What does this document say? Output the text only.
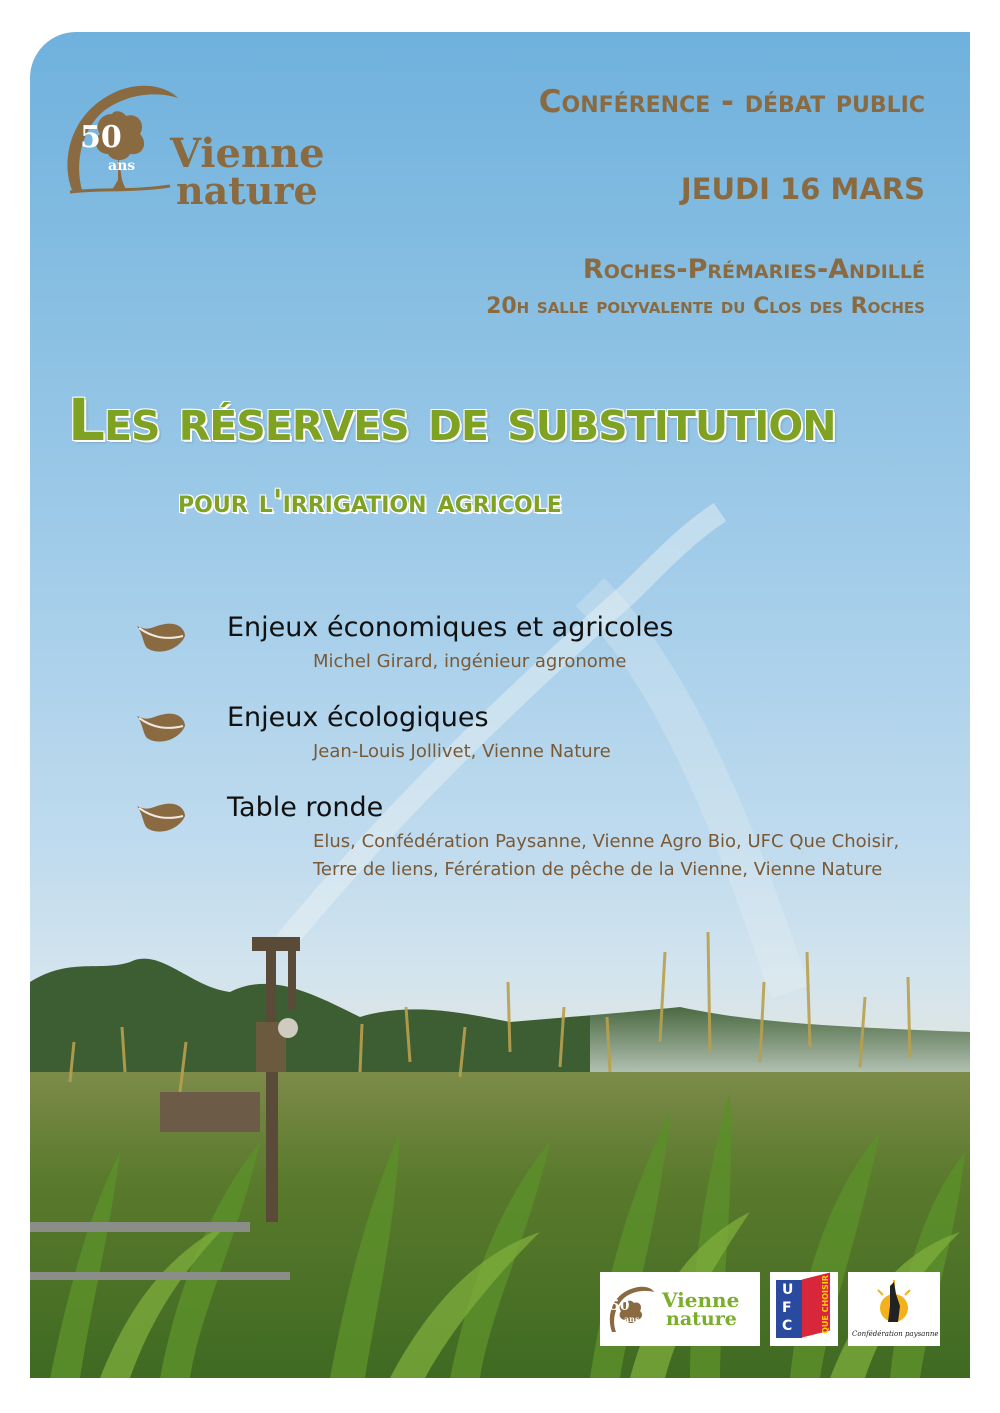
50
ans Vienne
nature
Conférence - débat public
JEUDI 16 MARS
Roches-Prémaries-Andillé
20h salle polyvalente du Clos des Roches
Les réserves de substitution
pour l'irrigation agricole
Enjeux économiques et agricoles
Michel Girard, ingénieur agronome
Enjeux écologiques
Jean-Louis Jollivet, Vienne Nature
Table ronde
Elus, Confédération Paysanne, Vienne Agro Bio, UFC Que Choisir,
Terre de liens, Férération de pêche de la Vienne, Vienne Nature
50
ans
Vienne
nature
U
F
C	QUE CHOISIR
Confédération paysanne
